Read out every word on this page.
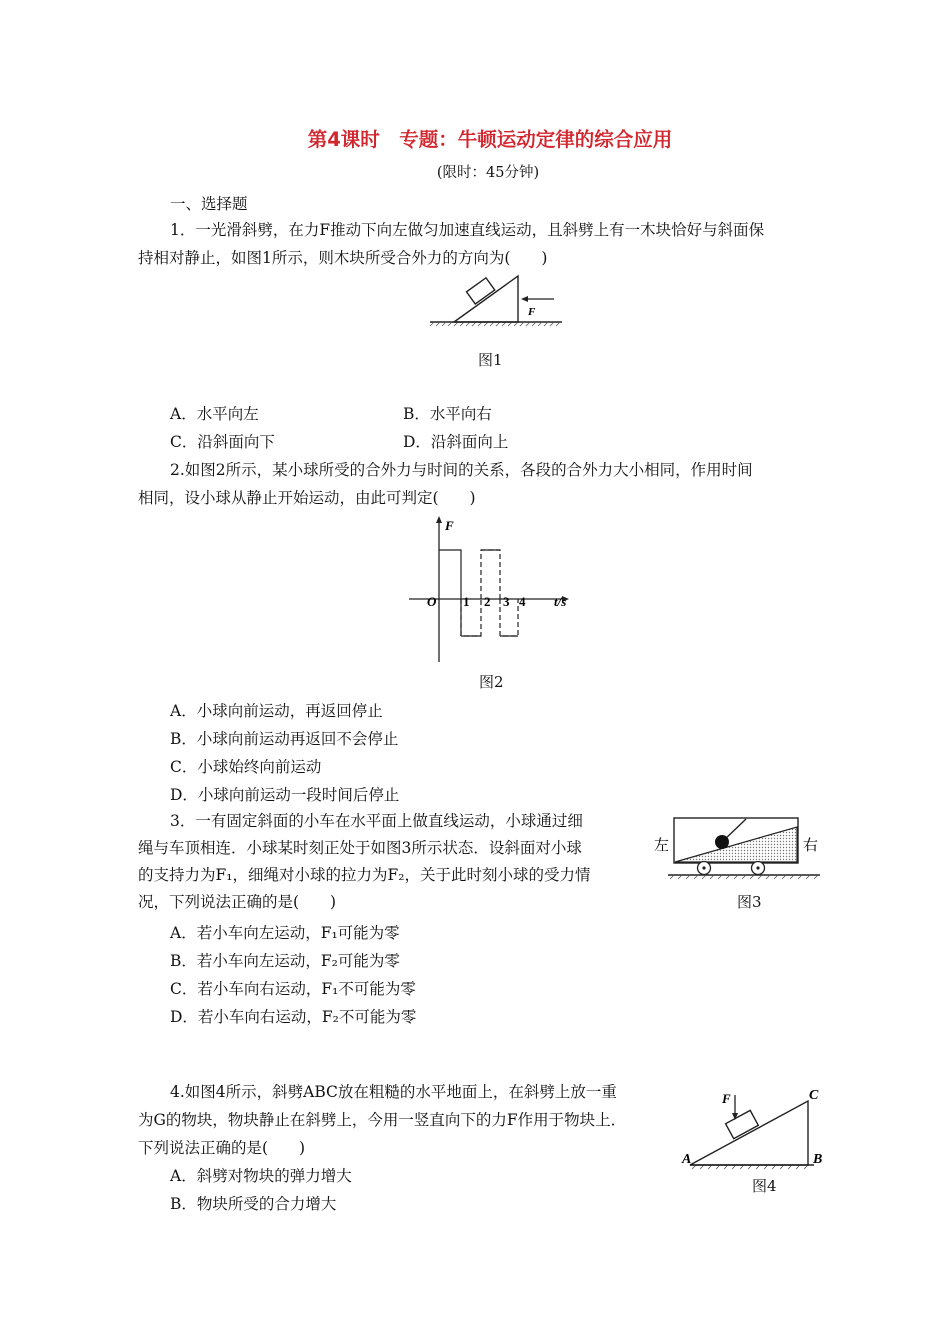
第4课时　专题：牛顿运动定律的综合应用
(限时：45分钟)
一、选择题
1．一光滑斜劈，在力F推动下向左做匀加速直线运动，且斜劈上有一木块恰好与斜面保
持相对静止，如图1所示，则木块所受合外力的方向为(　　)
F
图1
A．水平向左	B．水平向右
C．沿斜面向下	D．沿斜面向上
2.如图2所示，某小球所受的合外力与时间的关系，各段的合外力大小相同，作用时间
相同，设小球从静止开始运动，由此可判定(　　)
F
O 1 2 3 4 t/s
图2
A．小球向前运动，再返回停止
B．小球向前运动再返回不会停止
C．小球始终向前运动
D．小球向前运动一段时间后停止
3．一有固定斜面的小车在水平面上做直线运动，小球通过细
绳与车顶相连．小球某时刻正处于如图3所示状态．设斜面对小球
的支持力为F₁，细绳对小球的拉力为F₂，关于此时刻小球的受力情
况，下列说法正确的是(　　)
左	右
图3
A．若小车向左运动，F₁可能为零
B．若小车向左运动，F₂可能为零
C．若小车向右运动，F₁不可能为零
D．若小车向右运动，F₂不可能为零
4.如图4所示，斜劈ABC放在粗糙的水平地面上，在斜劈上放一重
为G的物块，物块静止在斜劈上，今用一竖直向下的力F作用于物块上．
下列说法正确的是(　　)
F
A	B
C
图4
A．斜劈对物块的弹力增大
B．物块所受的合力增大
